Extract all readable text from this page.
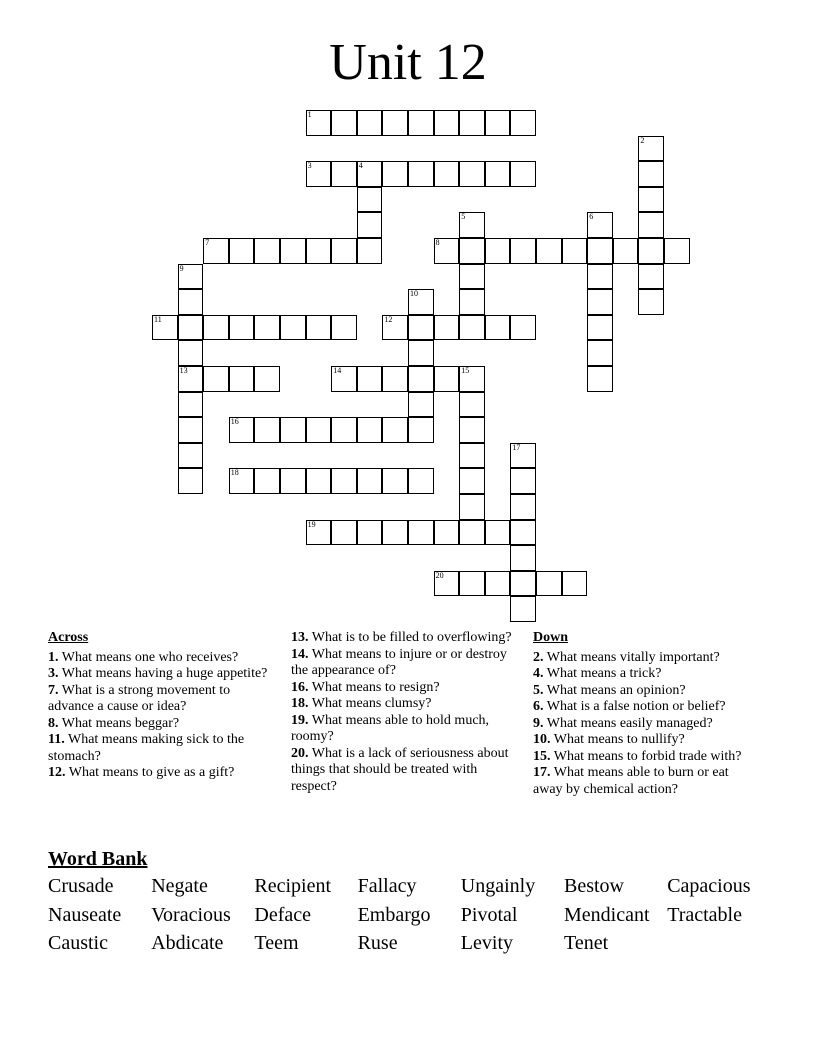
Unit 12
1
3	4
7	8
11	12
13	14	15
16
18
19
20
2
5	6
9
10
17
Across
1. What means one who receives?
3. What means having a huge appetite?
7. What is a strong movement to advance a cause or idea?
8. What means beggar?
11. What means making sick to the stomach?
12. What means to give as a gift?
13. What is to be filled to overflowing?
14. What means to injure or or destroy the appearance of?
16. What means to resign?
18. What means clumsy?
19. What means able to hold much, roomy?
20. What is a lack of seriousness about things that should be treated with respect?
Down
2. What means vitally important?
4. What means a trick?
5. What means an opinion?
6. What is a false notion or belief?
9. What means easily managed?
10. What means to nullify?
15. What means to forbid trade with?
17. What means able to burn or eat away by chemical action?
Word Bank
Crusade Negate Recipient Fallacy Ungainly Bestow Capacious
Nauseate Voracious Deface Embargo Pivotal Mendicant Tractable
Caustic Abdicate Teem	Ruse	Levity	Tenet
